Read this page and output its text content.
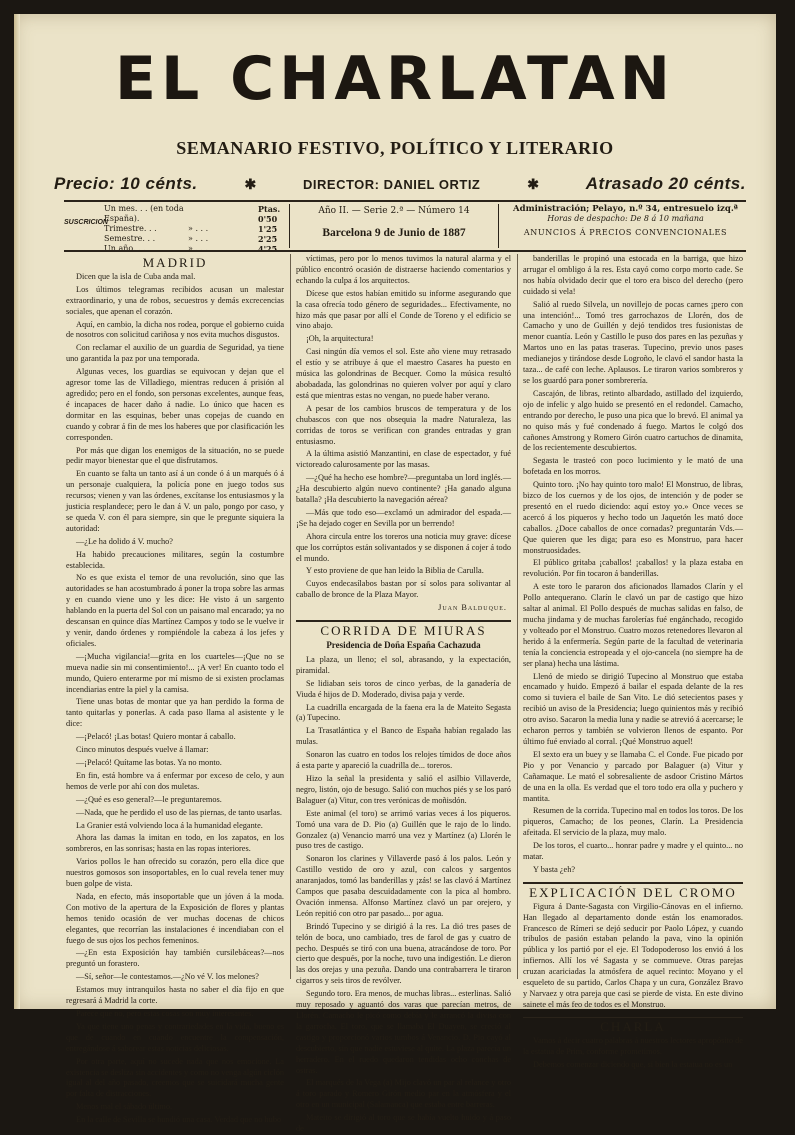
EL CHARLATAN
SEMANARIO FESTIVO, POLÍTICO Y LITERARIO
Precio: 10 cénts.	✱	DIRECTOR: DANIEL ORTIZ	✱	Atrasado 20 cénts.
SUSCRICION
Un mes. . . (en toda España).
Ptas. 0'50
Trimestre. . .	» . . .	1'25
Semestre. . .	» . . .	2'25
Un año. . .	» . . .	4'25
Año II. — Serie 2.ª — Número 14
Barcelona 9 de Junio de 1887
Administración; Pelayo, n.º 34, entresuelo izq.ª
Horas de despacho: De 8 á 10 mañana
ANUNCIOS Á PRECIOS CONVENCIONALES
MADRID

Dicen que la isla de Cuba anda mal.

Los últimos telegramas recibidos acusan un malestar extraordinario, y una de robos, secuestros y demás excrecencias sociales, que apenan el corazón.

Aquí, en cambio, la dicha nos rodea, porque el gobierno cuida de nosotros con solicitud cariñosa y nos evita muchos disgustos.

Con reclamar el auxilio de un guardia de Seguridad, ya tiene uno garantida la paz por una temporada.

Algunas veces, los guardias se equivocan y dejan que el agresor tome las de Villadiego, mientras reducen á prisión al agredido; pero en el fondo, son personas excelentes, aunque feas, é incapaces de hacer daño á nadie. Lo único que hacen es dormitar en las esquinas, beber unas copejas de cuando en cuando y cobrar á fin de mes los haberes que por clasificación les corresponden.

Por más que digan los enemigos de la situación, no se puede pedir mayor bienestar que el que disfrutamos.

En cuanto se falta un tanto así á un conde ó á un marqués ó á un personaje cualquiera, la policía pone en juego todos sus recursos; vienen y van las órdenes, excítanse los entusiasmos y la justicia resplandece; pero le dan á V. un palo, pongo por caso, y se queda V. con él para siempre, sin que le pregunte siquiera la autoridad:

—¿Le ha dolido á V. mucho?

Ha habido precauciones militares, según la costumbre establecida.

No es que exista el temor de una revolución, sino que las autoridades se han acostumbrado á poner la tropa sobre las armas y en cuando viene uno y les dice: He visto á un sargento hablando en la puerta del Sol con un paisano mal encarado; ya no descansan en quince días Martínez Campos y todo se le vuelve ir y venir, dando órdenes y rompiéndole la cabeza á los jefes y oficiales.

—¡Mucha vigilancia!—grita en los cuarteles—¡Que no se mueva nadie sin mi consentimiento!... ¡A ver! En cuanto todo el mundo, Quiero enterarme por mí mismo de si existen proclamas incendiarias entre la piel y la camisa.

Tiene unas botas de montar que ya han perdido la forma de tanto quitarlas y ponerlas. A cada paso llama al asistente y le dice:

—¡Pelacó! ¡Las botas! Quiero montar á caballo.

Cinco minutos después vuelve á llamar:

—¡Pelacó! Quítame las botas. Ya no monto.

En fin, está hombre va á enfermar por exceso de celo, y aun hemos de verle por ahí con dos muletas.

—¿Qué es eso general?—le preguntaremos.

—Nada, que he perdido el uso de las piernas, de tanto usarlas.

La Granier está volviendo loca á la humanidad elegante.

Ahora las damas la imitan en todo, en los zapatos, en los sombreros, en las sonrisas; hasta en las ropas interiores.

Varios pollos le han ofrecido su corazón, pero ella dice que nuestros gomosos son insoportables, en lo cual revela tener muy buen golpe de vista.

Nada, en efecto, más insoportable que un jóven á la moda. Con motivo de la apertura de la Exposición de flores y plantas hemos tenido ocasión de ver muchas docenas de chicos elegantes, que recorrían las instalaciones é incendiaban con el fuego de sus ojos los pechos femeninos.

—¿En esta Exposición hay también cursilebáceas?—nos preguntó un forastero.

—Sí, señor—le contestamos.—¿No vé V. los melones?

Estamos muy intranquilos hasta no saber el día fijo en que regresará á Madrid la corte.

Parece que no, pero estas cosas son muy interesantes.

Ya que tiene uno penas y contrariedades en la vida, bueno es que de cuando en cuando encuentre la compensación, entregándose á saborear estas noticias deliciosas.

Por otra parte, aquí no sucede nada que nos emocione. La existencia se desliza sin accidentes y como no venga algún ciclón igual al del año pasado, creemos que se suicidará mucha gente por falta de distracciones.

Menos mal el sábado último.

En la calle de Sevilla se hundió una casa. Verdad que no hubo

víctimas, pero por lo menos tuvimos la natural alarma y el público encontró ocasión de distraerse haciendo comentarios y echando la culpa á los arquitectos.

Dícese que estos habían emitido su informe asegurando que la casa ofrecía todo género de seguridades... Efectivamente, no hizo más que pasar por allí el Conde de Toreno y el edificio se vino abajo.

¡Oh, la arquitectura!

Casi ningún día vemos el sol. Este año viene muy retrasado el estío y se atribuye á que el maestro Casares ha puesto en música las golondrinas de Becquer. Como la música resultó abobadada, las golondrinas no quieren volver por aquí y claro está que mientras estas no vengan, no puede haber verano.

A pesar de los cambios bruscos de temperatura y de los chubascos con que nos obsequia la madre Naturaleza, las corridas de toros se verifican con grandes entradas y gran entusiasmo.

A la última asistió Manzantini, en clase de espectador, y fué victoreado calurosamente por las masas.

—¿Qué ha hecho ese hombre?—preguntaba un lord inglés.—¿Ha descubierto algún nuevo continente? ¡Ha ganado alguna batalla? ¡Ha descubierto la navegación aérea?

—Más que todo eso—exclamó un admirador del espada.—¡Se ha dejado coger en Sevilla por un berrendo!

Ahora circula entre los toreros una noticia muy grave: dícese que los corrúptos están solivantados y se disponen á cojer á todo el mundo.

Y esto proviene de que han leido la Biblia de Carulla.

Cuyos endecasílabos bastan por sí solos para solivantar al caballo de bronce de la Plaza Mayor.

Juan Balduque.
CORRIDA DE MIURAS
Presidencia de Doña España Cachazuda

La plaza, un lleno; el sol, abrasando, y la expectación, piramidal.

Se lidiaban seis toros de cinco yerbas, de la ganadería de Viuda é hijos de D. Moderado, divisa paja y verde.

La cuadrilla encargada de la faena era la de Mateito Segasta (a) Tupecino.

La Trasatlántica y el Banco de España habían regalado las mulas.

Sonaron las cuatro en todos los relojes tímidos de doce años á esta parte y apareció la cuadrilla de... toreros.

Hizo la señal la presidenta y salió el asilbio Villaverde, negro, listón, ojo de besugo. Salió con muchos piés y se los paró Balaguer (a) Vitur, con tres verónicas de moñisdón.

Este animal (el toro) se arrimó varias veces á los piqueros. Tomó una vara de D. Pio (a) Guillén que le rajo de lo lindo. Gonzalez (a) Venancio marró una vez y Martínez (a) Llorén le puso tres de castigo.

Sonaron los clarines y Villaverde pasó á los palos. León y Castillo vestido de oro y azul, con calcos y sargentos anaranjados, tomó las banderillas y ¡zás! se las clavó á Martínez Campos que pasaba descuidadamente con la pica al hombro. Ovación inmensa. Alfonso Martínez clavó un par orejero, y León repitió con otro par pasado... por agua.

Brindó Tupecino y se dirigió á la res. La dió tres pases de telón de boca, uno cambiado, tres de farol de gas y cuatro de pecho. Después se tiró con una buena, atracándose de toro. Por cierto que después, por la noche, tuvo una indigestión. Le dieron las dos orejas y una pezuña. Dando una contrabarrera le tiraron cigarros y seis tiros de revólver.

Segundo toro. Era menos, de muchas libras... esterlinas. Salió muy reposado y aguantó dos varas que parecían metros, de Llorén. Camacho le picó como debía y le arrancó la divisa con la garrocha. El toro, que se llamaba El Duayen, se creció al castigo y proporcionó varios tumbos á Venancio. D. Pio cayó al descubierto, sin que nadie estuviese al quite. La plaza parecía un herradero. En el ruedo quedaron tendidas ocho conchas de ostras.

El marqués de la Vega (a) Mijo clavó un par al relance y otro á toro parado y Romero Girón medio par en la atmósfera y el otro en un municipal (Salamanca) que estaba entre barreras.

Mateito se dirigió al toro que se había vuelto huido y á paso de

banderillas le propinó una estocada en la barriga, que hizo arrugar el ombligo á la res. Esta cayó como corpo morto cade. Se nos había olvidado decir que el toro era bisco del derecho (pero cuidado si vela!

Salió al ruedo Silvela, un novillejo de pocas carnes ¡pero con una intención!... Tomó tres garrochazos de Llorén, dos de Camacho y uno de Guillén y dejó tendidos tres fusionistas de menor cuantía. León y Castillo le puso dos pares en las pezuñas y Martos uno en las patas traseras. Tupecino, previo unos pases medianejos y tirándose desde Logroño, le clavó el sandor hasta la taza... de café con leche. Aplausos. Le tiraron varios sombreros y se los guardó para poner sombrerería.

Cascajón, de libras, retinto albardado, astillado del izquierdo, ojo de infelic y algo huido se presentó en el redondel. Camacho, entrando por derecho, le puso una pica que lo brevó. El animal ya no quiso más y fué condenado á fuego. Martos le colgó dos cañones Amstrong y Romero Girón cuatro cartuchos de dinamita, de los recientemente descubiertos.

Segasta le trasteó con poco lucimiento y le mató de una bofetada en los morros.

Quinto toro. ¡No hay quinto toro malo! El Monstruo, de libras, bizco de los cuernos y de los ojos, de intención y de poder se presentó en el ruedo diciendo: aquí estoy yo.» Once veces se acercó á los piqueros y hecho todo un Jaquetón les mató doce caballos. ¿Doce caballos de once cornadas? preguntarán Vds.—Que quieren que les diga; para eso es Monstruo, para hacer monstruosidades.

El público gritaba ¡caballos! ¡caballos! y la plaza estaba en revolución. Por fin tocaron á banderillas.

A este toro le pararon dos aficionados llamados Clarín y el Pollo antequerano. Clarín le clavó un par de castigo que hizo saltar al animal. El Pollo después de muchas salidas en falso, de mucha jindama y de muchas farolerías fué engánchado, recogido y volteado por el Monstruo. Cuatro mozos retenedores llevaron al herido á la enfermería. Según parte de la facultad de veterinaria tenía la conciencia estropeada y el ojo-cancela (no siempre ha de ser plana) hecha una lástima.

Llenó de miedo se dirigió Tupecino al Monstruo que estaba encamado y huido. Empezó á bailar el espada delante de la res como si tuviera el baile de San Vito. Le dió setecientos pases y recibió un aviso de la Presidencia; luego quinientos más y recibió otro aviso. Sacaron la media luna y nadie se atrevió á acercarse; le echaron perros y también se volvieron llenos de espanto. Por último fué enviado al corral. ¡Qué Monstruo aquel!

El sexto era un buey y se llamaba C. el Conde. Fue picado por Pio y por Venancio y parcado por Balaguer (a) Vitur y Cañamaque. Le mató el sobresaliente de asdoor Cristino Mártos de una en la olla. Es verdad que el toro todo era olla y puchero y mantita.

Resumen de la corrida. Tupecino mal en todos los toros. De los piqueros, Camacho; de los peones, Clarín. La Presidencia afeitada. El servicio de la plaza, muy malo.

De los toros, el cuarto... honrar padre y madre y el quinto... no matar.

Y basta ¿eh?

EXPLICACIÓN DEL CROMO

Figura á Dante-Sagasta con Virgilio-Cánovas en el infierno. Han llegado al departamento donde están los enamorados. Francesco de Rímeri se dejó seducir por Paolo López, y cuando tribulos de pasión estaban pelando la pava, vino la opinión pública y los partió por el eje. El Todopoderoso los envió á los infiernos. Allí los vé Sagasta y se commueve. Otras parejas cruzan acariciadas la atmósfera de aquel recinto: Moyano y el esqueleto de su partido, Carlos Chapa y un cura, González Bravo y Narvaez y otra pareja que casi se pierde de vista. En este divino sainete el más feo de todos es el Monstruo.

CHARLA

Vamos á decir cuatro palabras á nuestros lectores apropósito de la estatua de Prim, conforme prometimos.

Debemos comenzar diciendo que, si bien la estatua no es un
